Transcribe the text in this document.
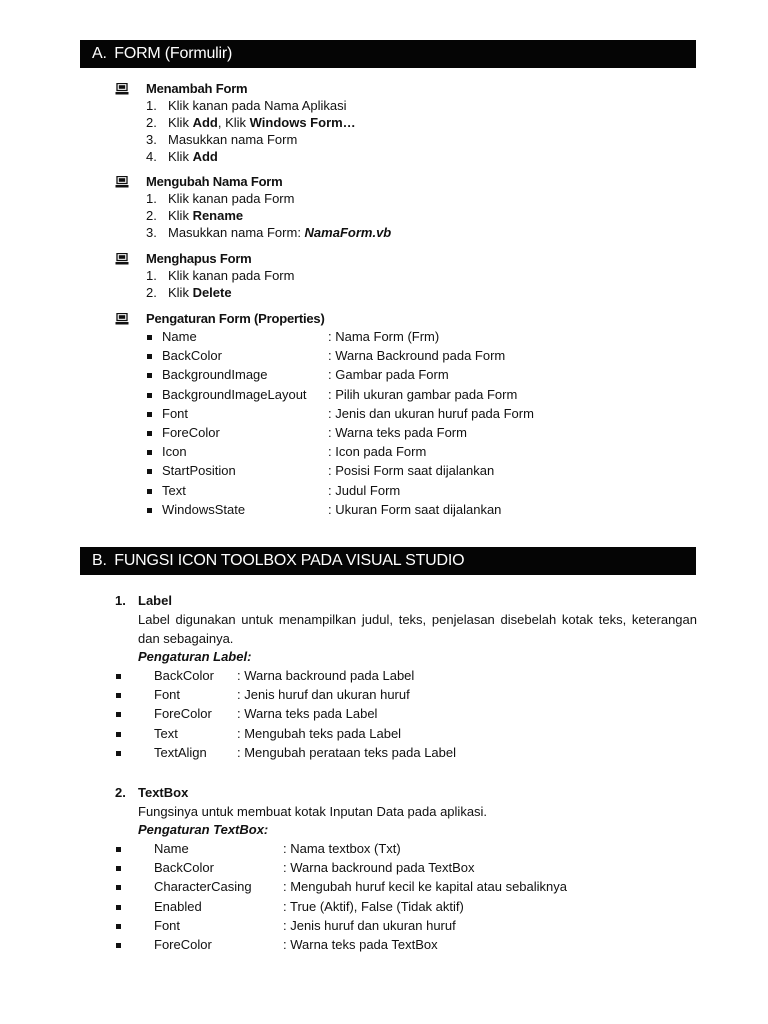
A. FORM (Formulir)
Menambah Form
1. Klik kanan pada Nama Aplikasi
2. Klik Add, Klik Windows Form…
3. Masukkan nama Form
4. Klik Add
Mengubah Nama Form
1. Klik kanan pada Form
2. Klik Rename
3. Masukkan nama Form: NamaForm.vb
Menghapus Form
1. Klik kanan pada Form
2. Klik Delete
Pengaturan Form (Properties)
Name	: Nama Form (Frm)
BackColor	: Warna Backround pada Form
BackgroundImage	: Gambar pada Form
BackgroundImageLayout : Pilih ukuran gambar pada Form
Font	: Jenis dan ukuran huruf pada Form
ForeColor	: Warna teks pada Form
Icon	: Icon pada Form
StartPosition	: Posisi Form saat dijalankan
Text	: Judul Form
WindowsState	: Ukuran Form saat dijalankan
B. FUNGSI ICON TOOLBOX PADA VISUAL STUDIO
1. Label
Label digunakan untuk menampilkan judul, teks, penjelasan disebelah kotak teks, keterangan dan sebagainya.
Pengaturan Label:
BackColor : Warna backround pada Label
Font	: Jenis huruf dan ukuran huruf
ForeColor : Warna teks pada Label
Text	: Mengubah teks pada Label
TextAlign : Mengubah perataan teks pada Label
2. TextBox
Fungsinya untuk membuat kotak Inputan Data pada aplikasi.
Pengaturan TextBox:
Name	: Nama textbox (Txt)
BackColor	: Warna backround pada TextBox
CharacterCasing : Mengubah huruf kecil ke kapital atau sebaliknya
Enabled	: True (Aktif), False (Tidak aktif)
Font	: Jenis huruf dan ukuran huruf
ForeColor	: Warna teks pada TextBox
